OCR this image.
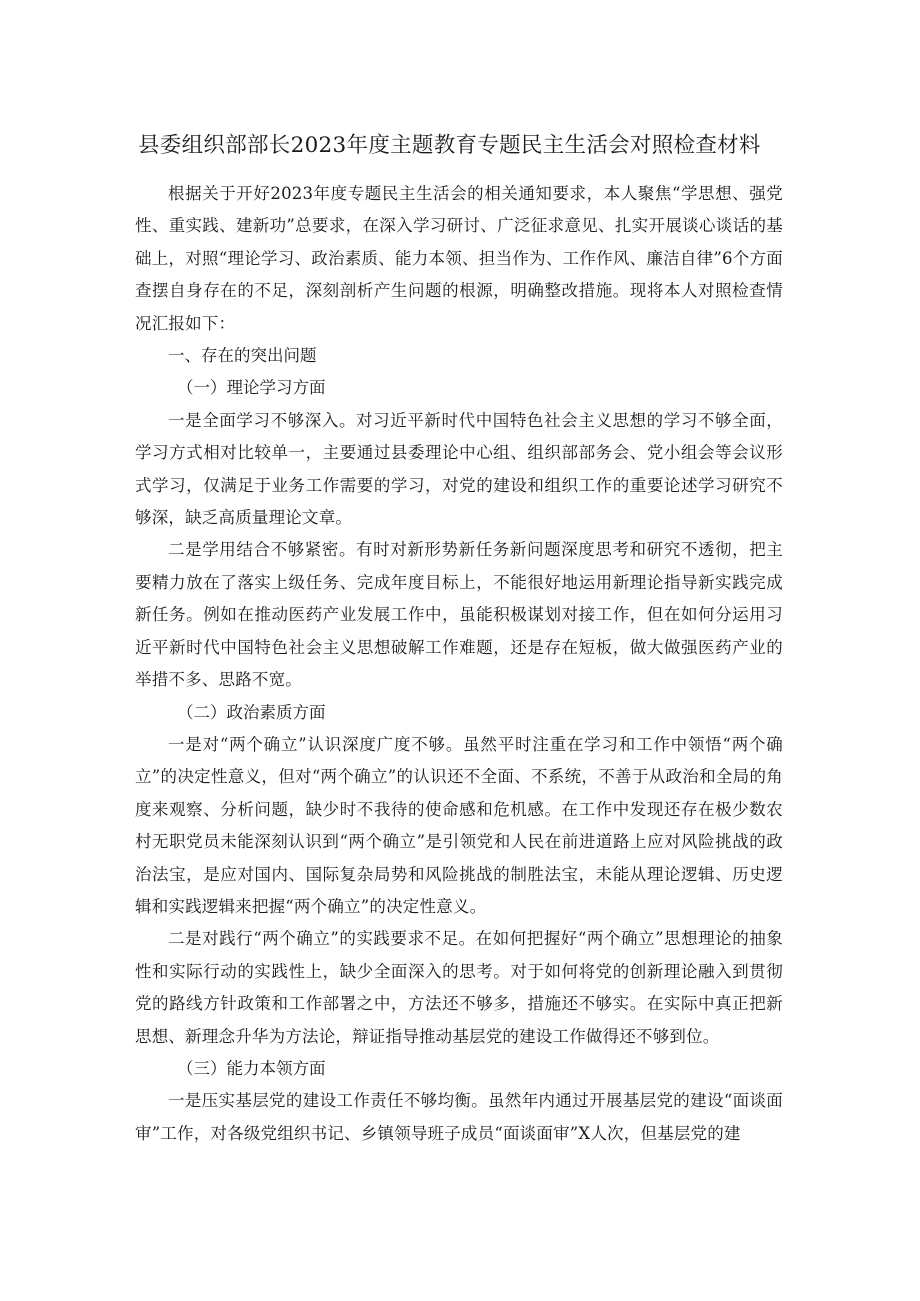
县委组织部部长2023年度主题教育专题民主生活会对照检查材料

根据关于开好2023年度专题民主生活会的相关通知要求，本人聚焦“学思想、强党性、重实践、建新功”总要求，在深入学习研讨、广泛征求意见、扎实开展谈心谈话的基础上，对照“理论学习、政治素质、能力本领、担当作为、工作作风、廉洁自律”6个方面查摆自身存在的不足，深刻剖析产生问题的根源，明确整改措施。现将本人对照检查情况汇报如下：

一、存在的突出问题

（一）理论学习方面

一是全面学习不够深入。对习近平新时代中国特色社会主义思想的学习不够全面，学习方式相对比较单一，主要通过县委理论中心组、组织部部务会、党小组会等会议形式学习，仅满足于业务工作需要的学习，对党的建设和组织工作的重要论述学习研究不够深，缺乏高质量理论文章。

二是学用结合不够紧密。有时对新形势新任务新问题深度思考和研究不透彻，把主要精力放在了落实上级任务、完成年度目标上，不能很好地运用新理论指导新实践完成新任务。例如在推动医药产业发展工作中，虽能积极谋划对接工作，但在如何分运用习近平新时代中国特色社会主义思想破解工作难题，还是存在短板，做大做强医药产业的举措不多、思路不宽。

（二）政治素质方面

一是对“两个确立”认识深度广度不够。虽然平时注重在学习和工作中领悟“两个确立”的决定性意义，但对“两个确立”的认识还不全面、不系统，不善于从政治和全局的角度来观察、分析问题，缺少时不我待的使命感和危机感。在工作中发现还存在极少数农村无职党员未能深刻认识到“两个确立”是引领党和人民在前进道路上应对风险挑战的政治法宝，是应对国内、国际复杂局势和风险挑战的制胜法宝，未能从理论逻辑、历史逻辑和实践逻辑来把握“两个确立”的决定性意义。

二是对践行“两个确立”的实践要求不足。在如何把握好“两个确立”思想理论的抽象性和实际行动的实践性上，缺少全面深入的思考。对于如何将党的创新理论融入到贯彻党的路线方针政策和工作部署之中，方法还不够多，措施还不够实。在实际中真正把新思想、新理念升华为方法论，辩证指导推动基层党的建设工作做得还不够到位。

（三）能力本领方面

一是压实基层党的建设工作责任不够均衡。虽然年内通过开展基层党的建设“面谈面审”工作，对各级党组织书记、乡镇领导班子成员“面谈面审”X人次，但基层党的建
